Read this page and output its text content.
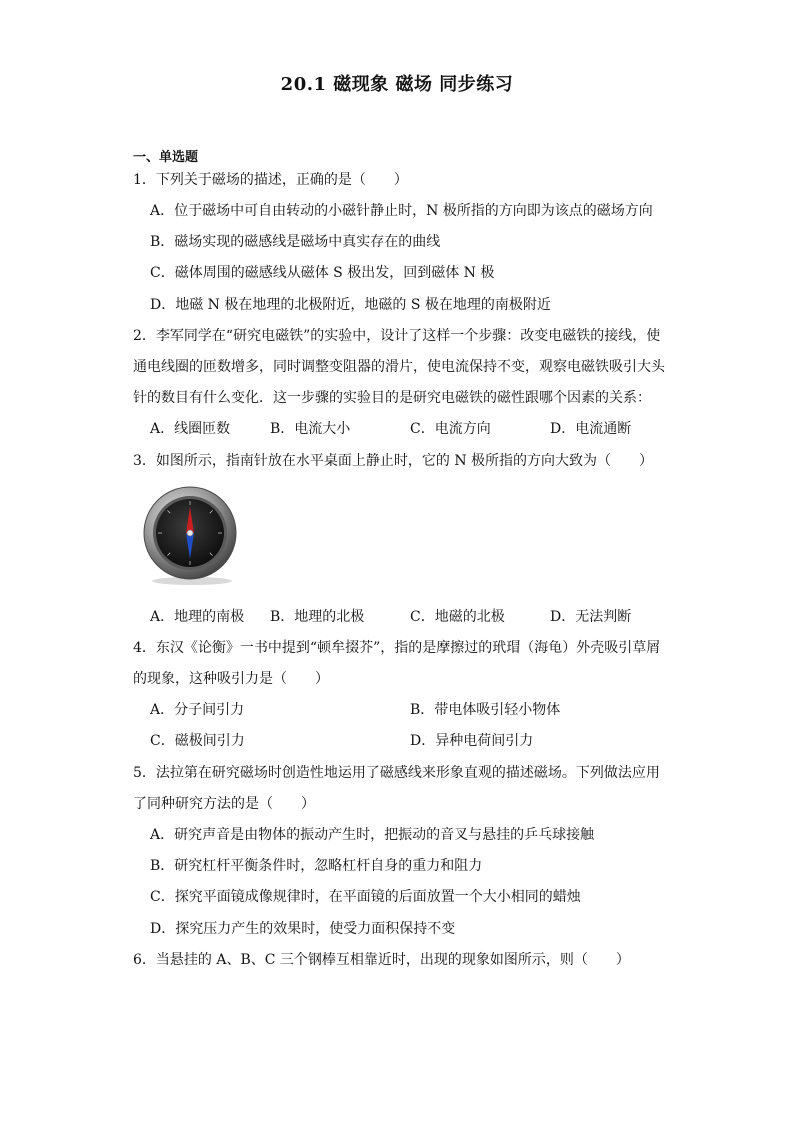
20.1 磁现象 磁场 同步练习
一、单选题
1．下列关于磁场的描述，正确的是（　　）
A．位于磁场中可自由转动的小磁针静止时，N 极所指的方向即为该点的磁场方向
B．磁场实现的磁感线是磁场中真实存在的曲线
C．磁体周围的磁感线从磁体 S 极出发，回到磁体 N 极
D．地磁 N 极在地理的北极附近，地磁的 S 极在地理的南极附近
2．李军同学在“研究电磁铁”的实验中，设计了这样一个步骤：改变电磁铁的接线，使
通电线圈的匝数增多，同时调整变阻器的滑片，使电流保持不变，观察电磁铁吸引大头
针的数目有什么变化．这一步骤的实验目的是研究电磁铁的磁性跟哪个因素的关系：
A．线圈匝数	B．电流大小	C．电流方向	D．电流通断
3．如图所示，指南针放在水平桌面上静止时，它的 N 极所指的方向大致为（　　）
A．地理的南极 B．地理的北极	C．地磁的北极	D．无法判断
4．东汉《论衡》一书中提到“顿牟掇芥”，指的是摩擦过的玳瑁（海龟）外壳吸引草屑
的现象，这种吸引力是（　　）
A．分子间引力	B．带电体吸引轻小物体
C．磁极间引力	D．异种电荷间引力
5．法拉第在研究磁场时创造性地运用了磁感线来形象直观的描述磁场。下列做法应用
了同种研究方法的是（　　）
A．研究声音是由物体的振动产生时，把振动的音叉与悬挂的乒乓球接触
B．研究杠杆平衡条件时，忽略杠杆自身的重力和阻力
C．探究平面镜成像规律时，在平面镜的后面放置一个大小相同的蜡烛
D．探究压力产生的效果时，使受力面积保持不变
6．当悬挂的 A、B、C 三个钢棒互相靠近时，出现的现象如图所示，则（　　）
